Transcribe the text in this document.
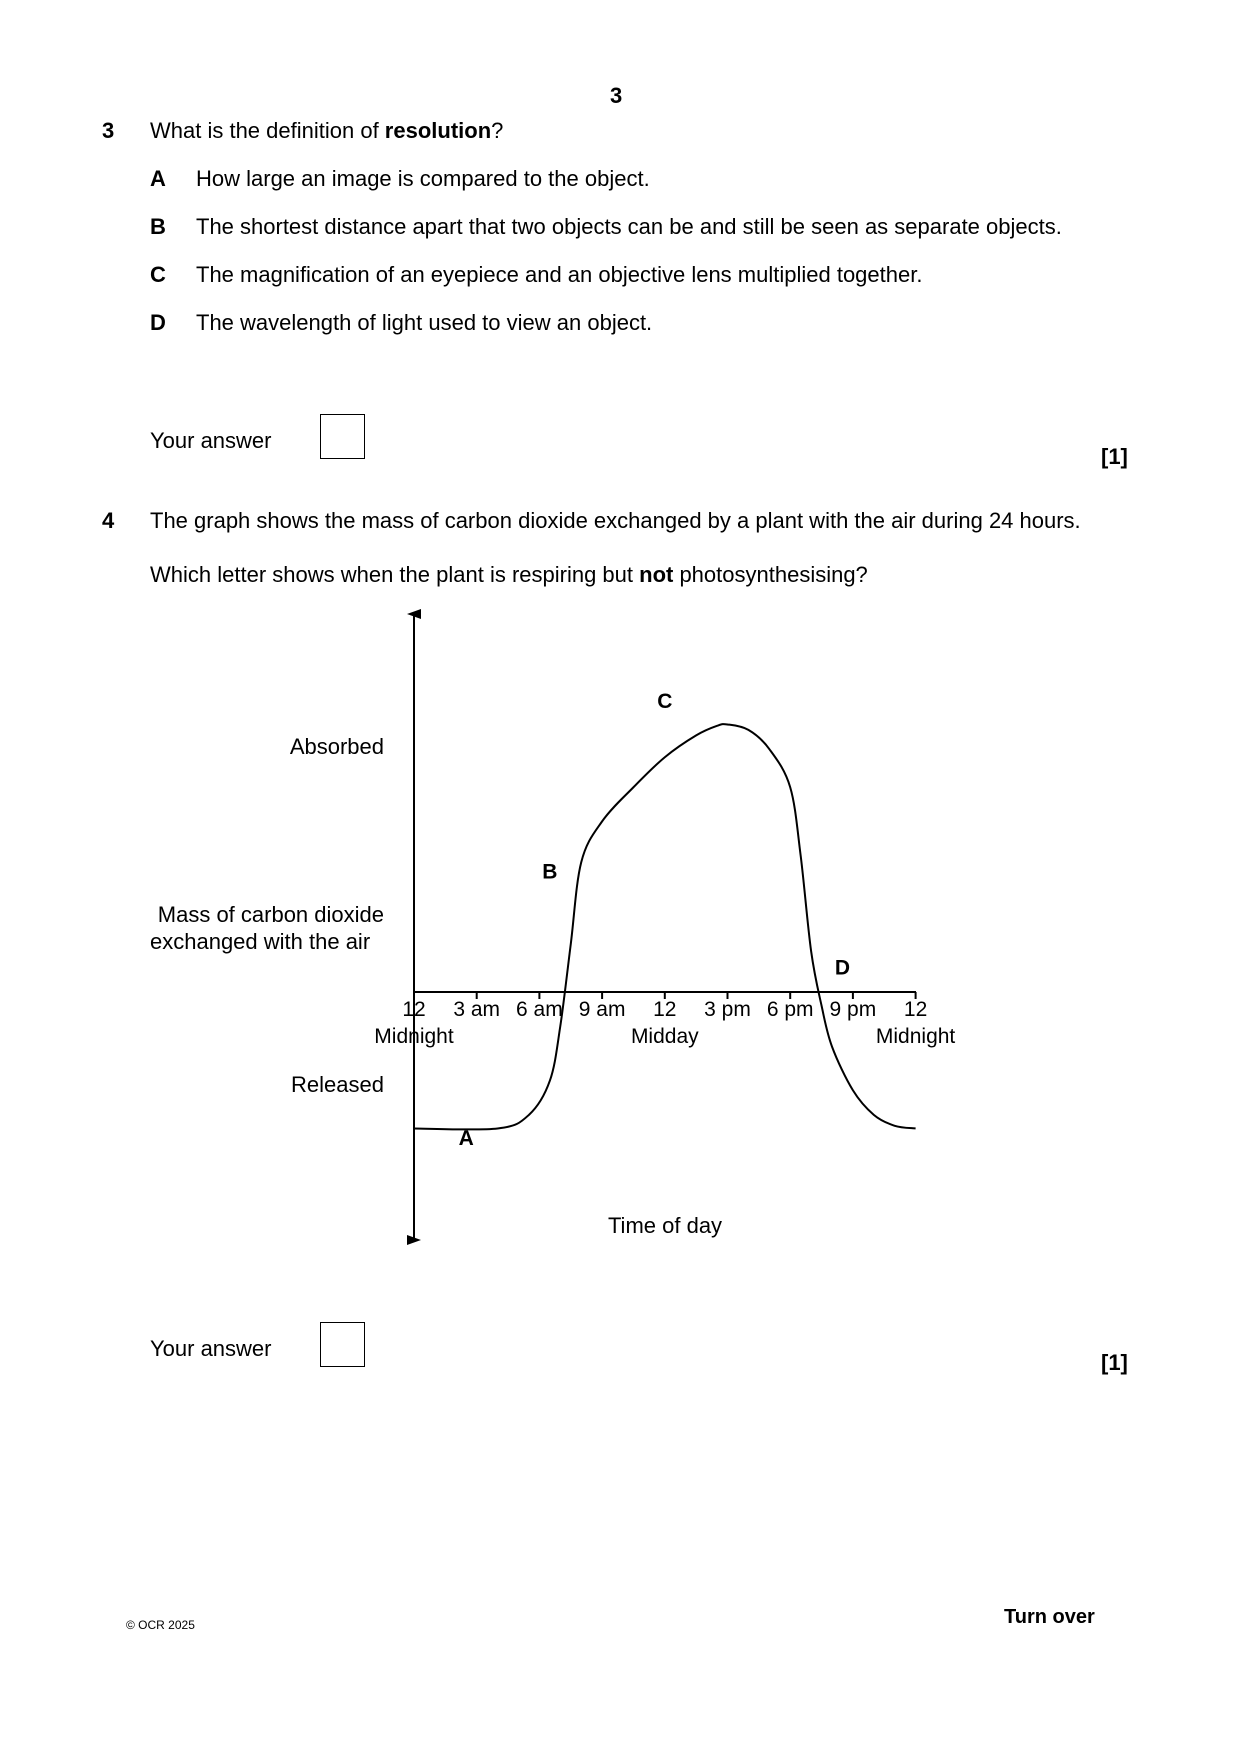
3
3 What is the definition of resolution?
A How large an image is compared to the object.
B The shortest distance apart that two objects can be and still be seen as separate objects.
C The magnification of an eyepiece and an objective lens multiplied together.
D The wavelength of light used to view an object.
Your answer
[1]
4 The graph shows the mass of carbon dioxide exchanged by a plant with the air during 24 hours.
Which letter shows when the plant is respiring but not photosynthesising?
12
Midnight
3 am 6 am 9 am 12
Midday
3 pm 6 pm 9 pm 12
Midnight
A
B
C
D
Absorbed
Mass of carbon dioxide
exchanged with the air
Released
Time of day
Your answer
[1]
© OCR 2025	Turn over
